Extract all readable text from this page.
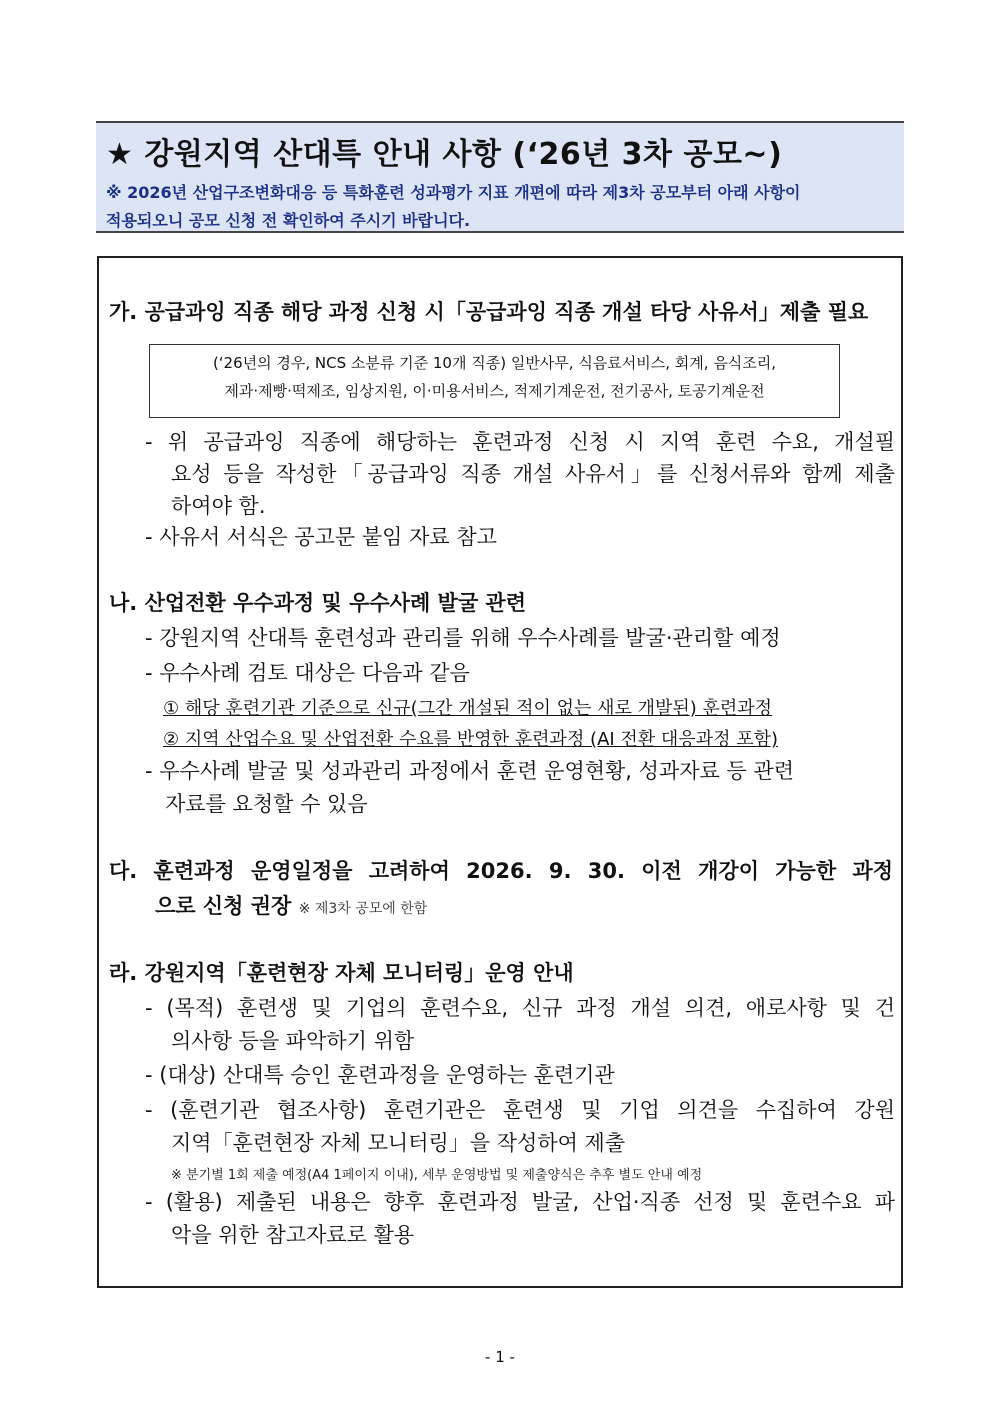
★ 강원지역 산대특 안내 사항 (‘26년 3차 공모~)
※ 2026년 산업구조변화대응 등 특화훈련 성과평가 지표 개편에 따라 제3차 공모부터 아래 사항이
적용되오니 공모 신청 전 확인하여 주시기 바랍니다.
가. 공급과잉 직종 해당 과정 신청 시「공급과잉 직종 개설 타당 사유서」제출 필요
(‘26년의 경우, NCS 소분류 기준 10개 직종) 일반사무, 식음료서비스, 회계, 음식조리,
제과·제빵·떡제조, 임상지원, 이·미용서비스, 적제기계운전, 전기공사, 토공기계운전
- 위 공급과잉 직종에 해당하는 훈련과정 신청 시 지역 훈련 수요, 개설필
요성 등을 작성한「공급과잉 직종 개설 사유서」를 신청서류와 함께 제출
하여야 함.
- 사유서 서식은 공고문 붙임 자료 참고
나. 산업전환 우수과정 및 우수사례 발굴 관련
- 강원지역 산대특 훈련성과 관리를 위해 우수사례를 발굴·관리할 예정
- 우수사례 검토 대상은 다음과 같음
① 해당 훈련기관 기준으로 신규(그간 개설된 적이 없는 새로 개발된) 훈련과정
② 지역 산업수요 및 산업전환 수요를 반영한 훈련과정 (AI 전환 대응과정 포함)
- 우수사례 발굴 및 성과관리 과정에서 훈련 운영현황, 성과자료 등 관련
자료를 요청할 수 있음
다. 훈련과정 운영일정을 고려하여 2026. 9. 30. 이전 개강이 가능한 과정
으로 신청 권장 ※ 제3차 공모에 한함
라. 강원지역「훈련현장 자체 모니터링」운영 안내
- (목적) 훈련생 및 기업의 훈련수요, 신규 과정 개설 의견, 애로사항 및 건
의사항 등을 파악하기 위함
- (대상) 산대특 승인 훈련과정을 운영하는 훈련기관
- (훈련기관 협조사항) 훈련기관은 훈련생 및 기업 의견을 수집하여 강원
지역「훈련현장 자체 모니터링」을 작성하여 제출
※ 분기별 1회 제출 예정(A4 1페이지 이내), 세부 운영방법 및 제출양식은 추후 별도 안내 예정
- (활용) 제출된 내용은 향후 훈련과정 발굴, 산업·직종 선정 및 훈련수요 파
악을 위한 참고자료로 활용
- 1 -
